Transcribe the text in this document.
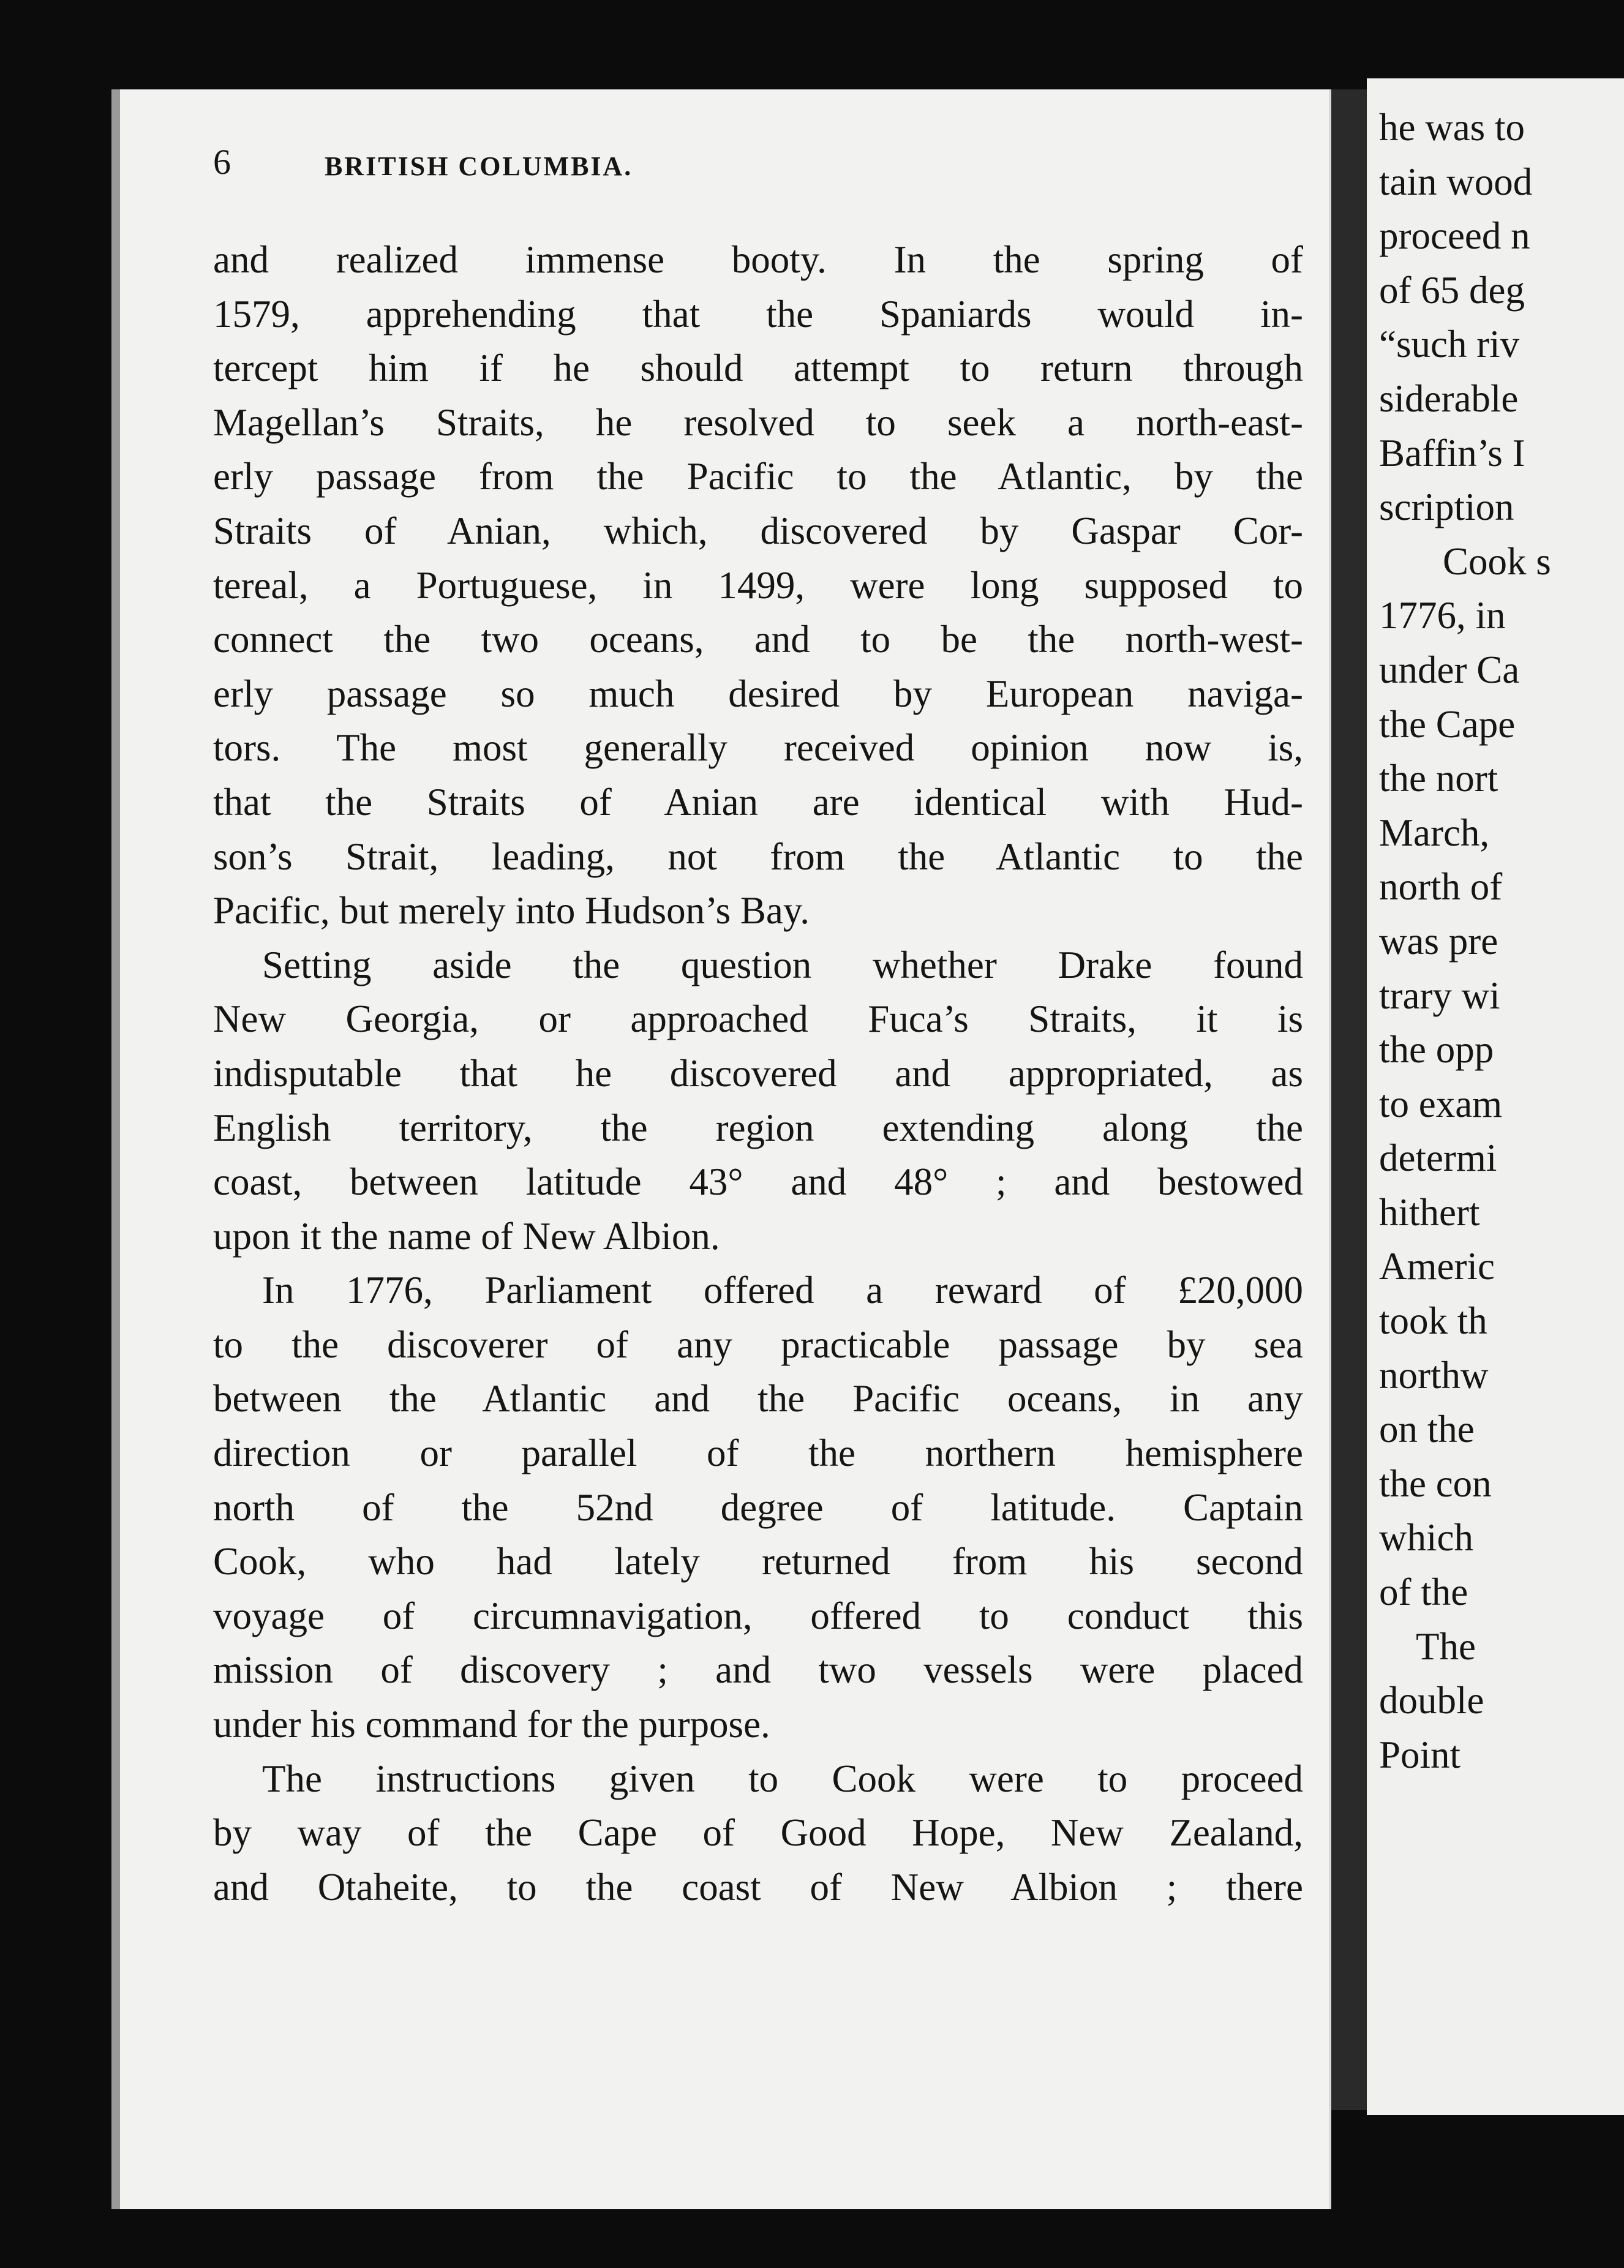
6	BRITISH COLUMBIA.
and realized immense booty. In the spring of
1579, apprehending that the Spaniards would in-
tercept him if he should attempt to return through
Magellan’s Straits, he resolved to seek a north-east-
erly passage from the Pacific to the Atlantic, by the
Straits of Anian, which, discovered by Gaspar Cor-
tereal, a Portuguese, in 1499, were long supposed to
connect the two oceans, and to be the north-west-
erly passage so much desired by European naviga-
tors. The most generally received opinion now is,
that the Straits of Anian are identical with Hud-
son’s Strait, leading, not from the Atlantic to the
Pacific, but merely into Hudson’s Bay.
Setting aside the question whether Drake found
New Georgia, or approached Fuca’s Straits, it is
indisputable that he discovered and appropriated, as
English territory, the region extending along the
coast, between latitude 43° and 48° ; and bestowed
upon it the name of New Albion.
In 1776, Parliament offered a reward of £20,000
to the discoverer of any practicable passage by sea
between the Atlantic and the Pacific oceans, in any
direction or parallel of the northern hemisphere
north of the 52nd degree of latitude. Captain
Cook, who had lately returned from his second
voyage of circumnavigation, offered to conduct this
mission of discovery ; and two vessels were placed
under his command for the purpose.
The instructions given to Cook were to proceed
by way of the Cape of Good Hope, New Zealand,
and Otaheite, to the coast of New Albion ; there
he was to
tain wood
proceed n
of 65 deg
“such riv
siderable
Baffin’s I
scription
Cook s
1776, in
under Ca
the Cape
the nort
March,
north of
was pre
trary wi
the opp
to exam
determi
hithert
Americ
took th
northw
on the
the con
which
of the
The
double
Point
